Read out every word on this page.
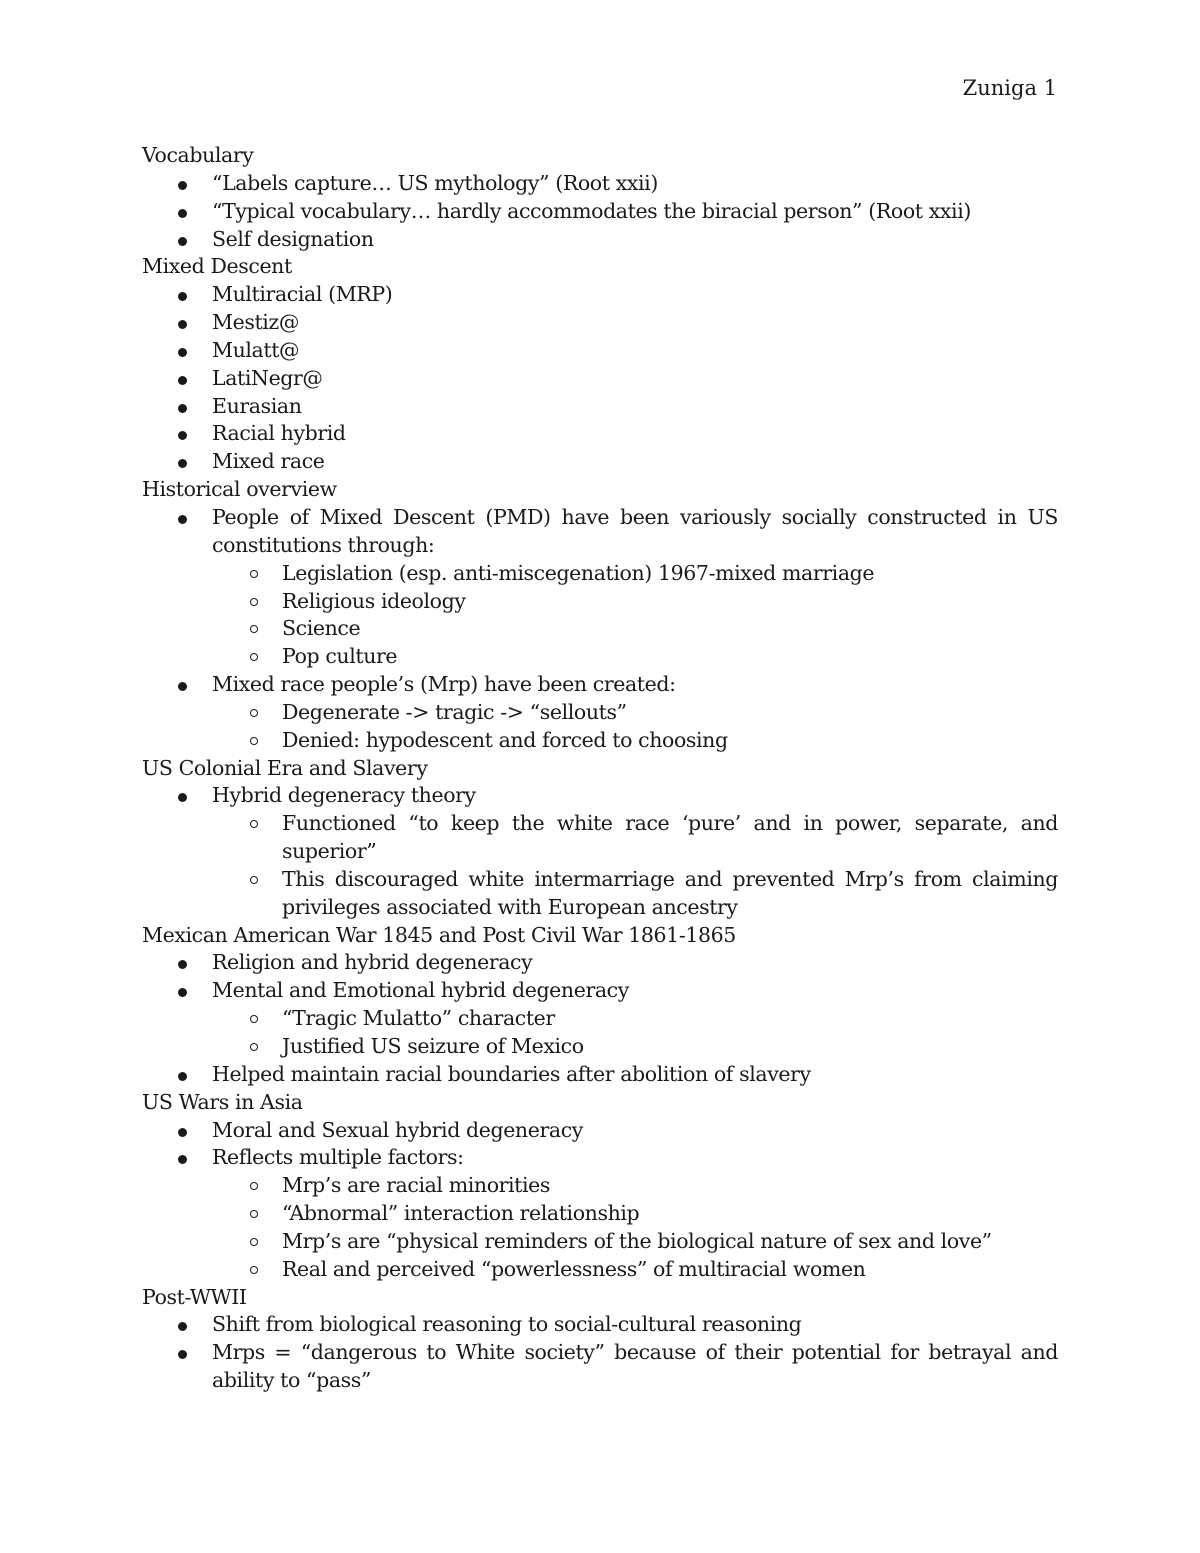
Zuniga 1
Vocabulary
“Labels capture… US mythology” (Root xxii)
“Typical vocabulary… hardly accommodates the biracial person” (Root xxii)
Self designation
Mixed Descent
Multiracial (MRP)
Mestiz@
Mulatt@
LatiNegr@
Eurasian
Racial hybrid
Mixed race
Historical overview
People of Mixed Descent (PMD) have been variously socially constructed in US constitutions through:
Legislation (esp. anti-miscegenation) 1967-mixed marriage
Religious ideology
Science
Pop culture
Mixed race people’s (Mrp) have been created:
Degenerate -> tragic -> “sellouts”
Denied: hypodescent and forced to choosing
US Colonial Era and Slavery
Hybrid degeneracy theory
Functioned “to keep the white race ‘pure’ and in power, separate, and superior”
This discouraged white intermarriage and prevented Mrp’s from claiming privileges associated with European ancestry
Mexican American War 1845 and Post Civil War 1861-1865
Religion and hybrid degeneracy
Mental and Emotional hybrid degeneracy
“Tragic Mulatto” character
Justified US seizure of Mexico
Helped maintain racial boundaries after abolition of slavery
US Wars in Asia
Moral and Sexual hybrid degeneracy
Reflects multiple factors:
Mrp’s are racial minorities
“Abnormal” interaction relationship
Mrp’s are “physical reminders of the biological nature of sex and love”
Real and perceived “powerlessness” of multiracial women
Post-WWII
Shift from biological reasoning to social-cultural reasoning
Mrps = “dangerous to White society” because of their potential for betrayal and ability to “pass”
